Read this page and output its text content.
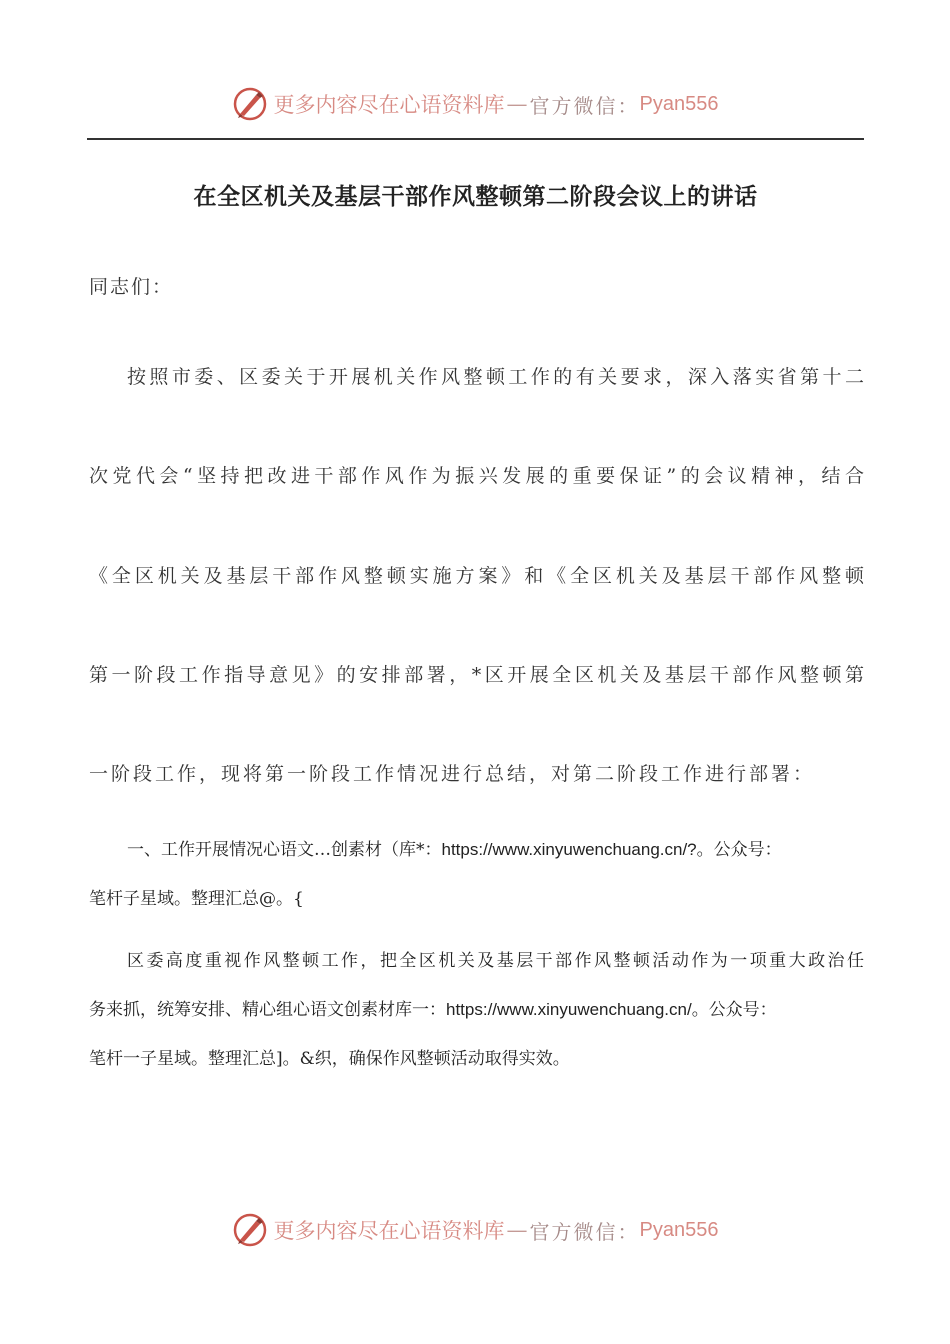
更多内容尽在心语资料库 — 官方微信： Pyan556
在全区机关及基层干部作风整顿第二阶段会议上的讲话
同志们：
按照市委、区委关于开展机关作风整顿工作的有关要求，深入落实省第十二
次党代会“坚持把改进干部作风作为振兴发展的重要保证”的会议精神，结合
《全区机关及基层干部作风整顿实施方案》和《全区机关及基层干部作风整顿
第一阶段工作指导意见》的安排部署，*区开展全区机关及基层干部作风整顿第
一阶段工作，现将第一阶段工作情况进行总结，对第二阶段工作进行部署：
一、工作开展情况心语文…创素材（库*：https://www.xinyuwenchuang.cn/?。公众号：
笔杆子星域。整理汇总@。{
区委高度重视作风整顿工作，把全区机关及基层干部作风整顿活动作为一项重大政治任
务来抓，统筹安排、精心组心语文创素材库一：https://www.xinyuwenchuang.cn/。公众号：
笔杆一子星域。整理汇总]。&织，确保作风整顿活动取得实效。
更多内容尽在心语资料库 — 官方微信： Pyan556
